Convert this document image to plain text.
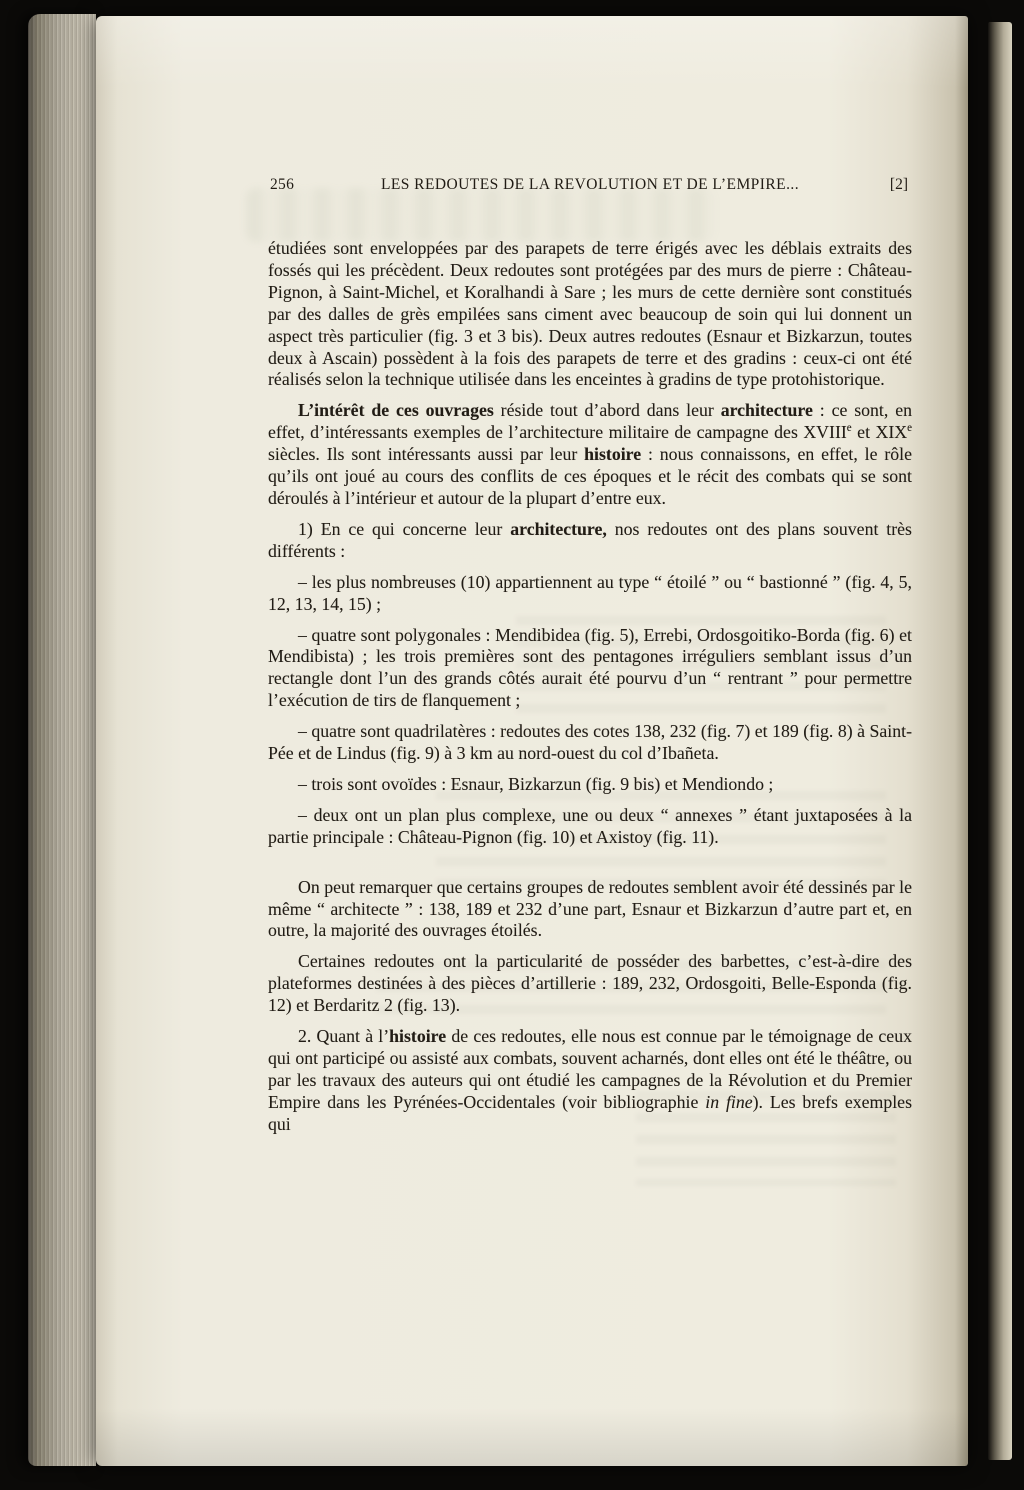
256	LES REDOUTES DE LA REVOLUTION ET DE L’EMPIRE...	[2]

étudiées sont enveloppées par des parapets de terre érigés avec les déblais extraits des fossés qui les précèdent. Deux redoutes sont protégées par des murs de pierre : Château-Pignon, à Saint-Michel, et Koralhandi à Sare ; les murs de cette dernière sont constitués par des dalles de grès empilées sans ciment avec beaucoup de soin qui lui donnent un aspect très particulier (fig. 3 et 3 bis). Deux autres redoutes (Esnaur et Bizkarzun, toutes deux à Ascain) possèdent à la fois des parapets de terre et des gradins : ceux-ci ont été réalisés selon la technique utilisée dans les enceintes à gradins de type protohistorique.

L’intérêt de ces ouvrages réside tout d’abord dans leur architecture : ce sont, en effet, d’intéressants exemples de l’architecture militaire de campagne des XVIIIe et XIXe siècles. Ils sont intéressants aussi par leur histoire : nous connaissons, en effet, le rôle qu’ils ont joué au cours des conflits de ces époques et le récit des combats qui se sont déroulés à l’intérieur et autour de la plupart d’entre eux.

1) En ce qui concerne leur architecture, nos redoutes ont des plans souvent très différents :

– les plus nombreuses (10) appartiennent au type “ étoilé ” ou “ bastionné ” (fig. 4, 5, 12, 13, 14, 15) ;

– quatre sont polygonales : Mendibidea (fig. 5), Errebi, Ordosgoitiko-Borda (fig. 6) et Mendibista) ; les trois premières sont des pentagones irréguliers semblant issus d’un rectangle dont l’un des grands côtés aurait été pourvu d’un “ rentrant ” pour permettre l’exécution de tirs de flanquement ;

– quatre sont quadrilatères : redoutes des cotes 138, 232 (fig. 7) et 189 (fig. 8) à Saint-Pée et de Lindus (fig. 9) à 3 km au nord-ouest du col d’Ibañeta.

– trois sont ovoïdes : Esnaur, Bizkarzun (fig. 9 bis) et Mendiondo ;

– deux ont un plan plus complexe, une ou deux “ annexes ” étant juxtaposées à la partie principale : Château-Pignon (fig. 10) et Axistoy (fig. 11).

On peut remarquer que certains groupes de redoutes semblent avoir été dessinés par le même “ architecte ” : 138, 189 et 232 d’une part, Esnaur et Bizkarzun d’autre part et, en outre, la majorité des ouvrages étoilés.

Certaines redoutes ont la particularité de posséder des barbettes, c’est-à-dire des plateformes destinées à des pièces d’artillerie : 189, 232, Ordosgoiti, Belle-Esponda (fig. 12) et Berdaritz 2 (fig. 13).

2. Quant à l’histoire de ces redoutes, elle nous est connue par le témoignage de ceux qui ont participé ou assisté aux combats, souvent acharnés, dont elles ont été le théâtre, ou par les travaux des auteurs qui ont étudié les campagnes de la Révolution et du Premier Empire dans les Pyrénées-Occidentales (voir bibliographie in fine). Les brefs exemples qui
